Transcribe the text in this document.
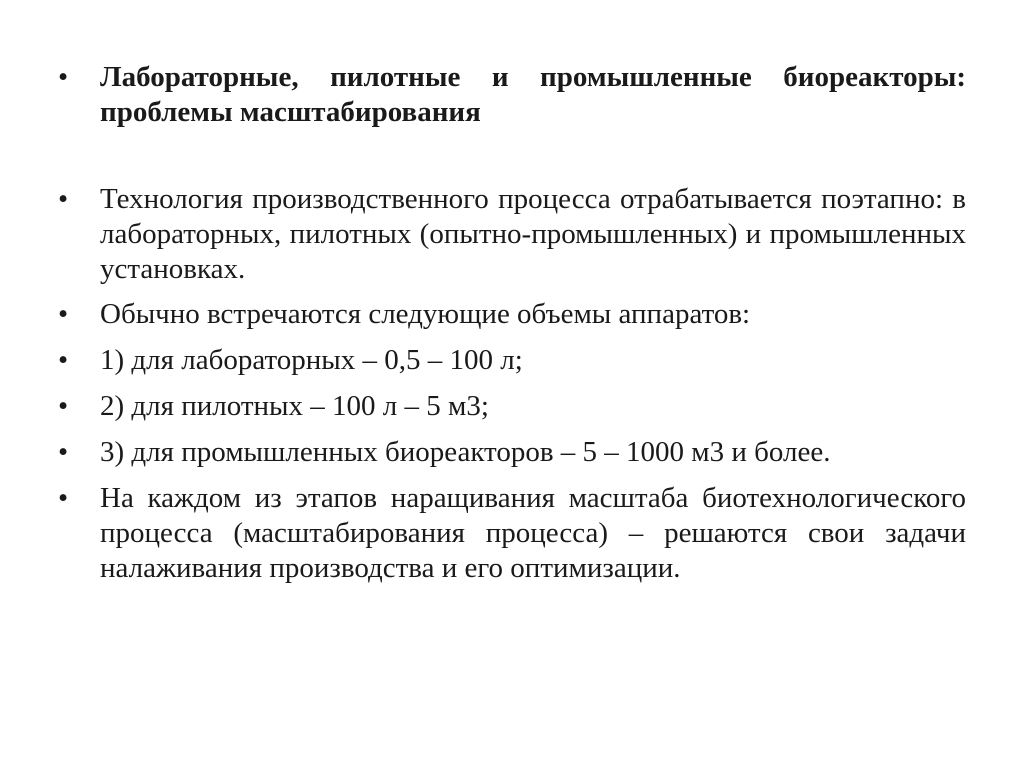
•	Лабораторные, пилотные и промышленные биореакторы: проблемы масштабирования
•	Технология производственного процесса отрабатывается поэтапно: в лабораторных, пилотных (опытно-промышленных) и промышленных установках.
•	Обычно встречаются следующие объемы аппаратов:
•	1) для лабораторных – 0,5 – 100 л;
•	2) для пилотных – 100 л – 5 м3;
•	3) для промышленных биореакторов – 5 – 1000 м3 и более.
•	На каждом из этапов наращивания масштаба биотехнологического процесса (масштабирования процесса) – решаются свои задачи налаживания производства и его оптимизации.
